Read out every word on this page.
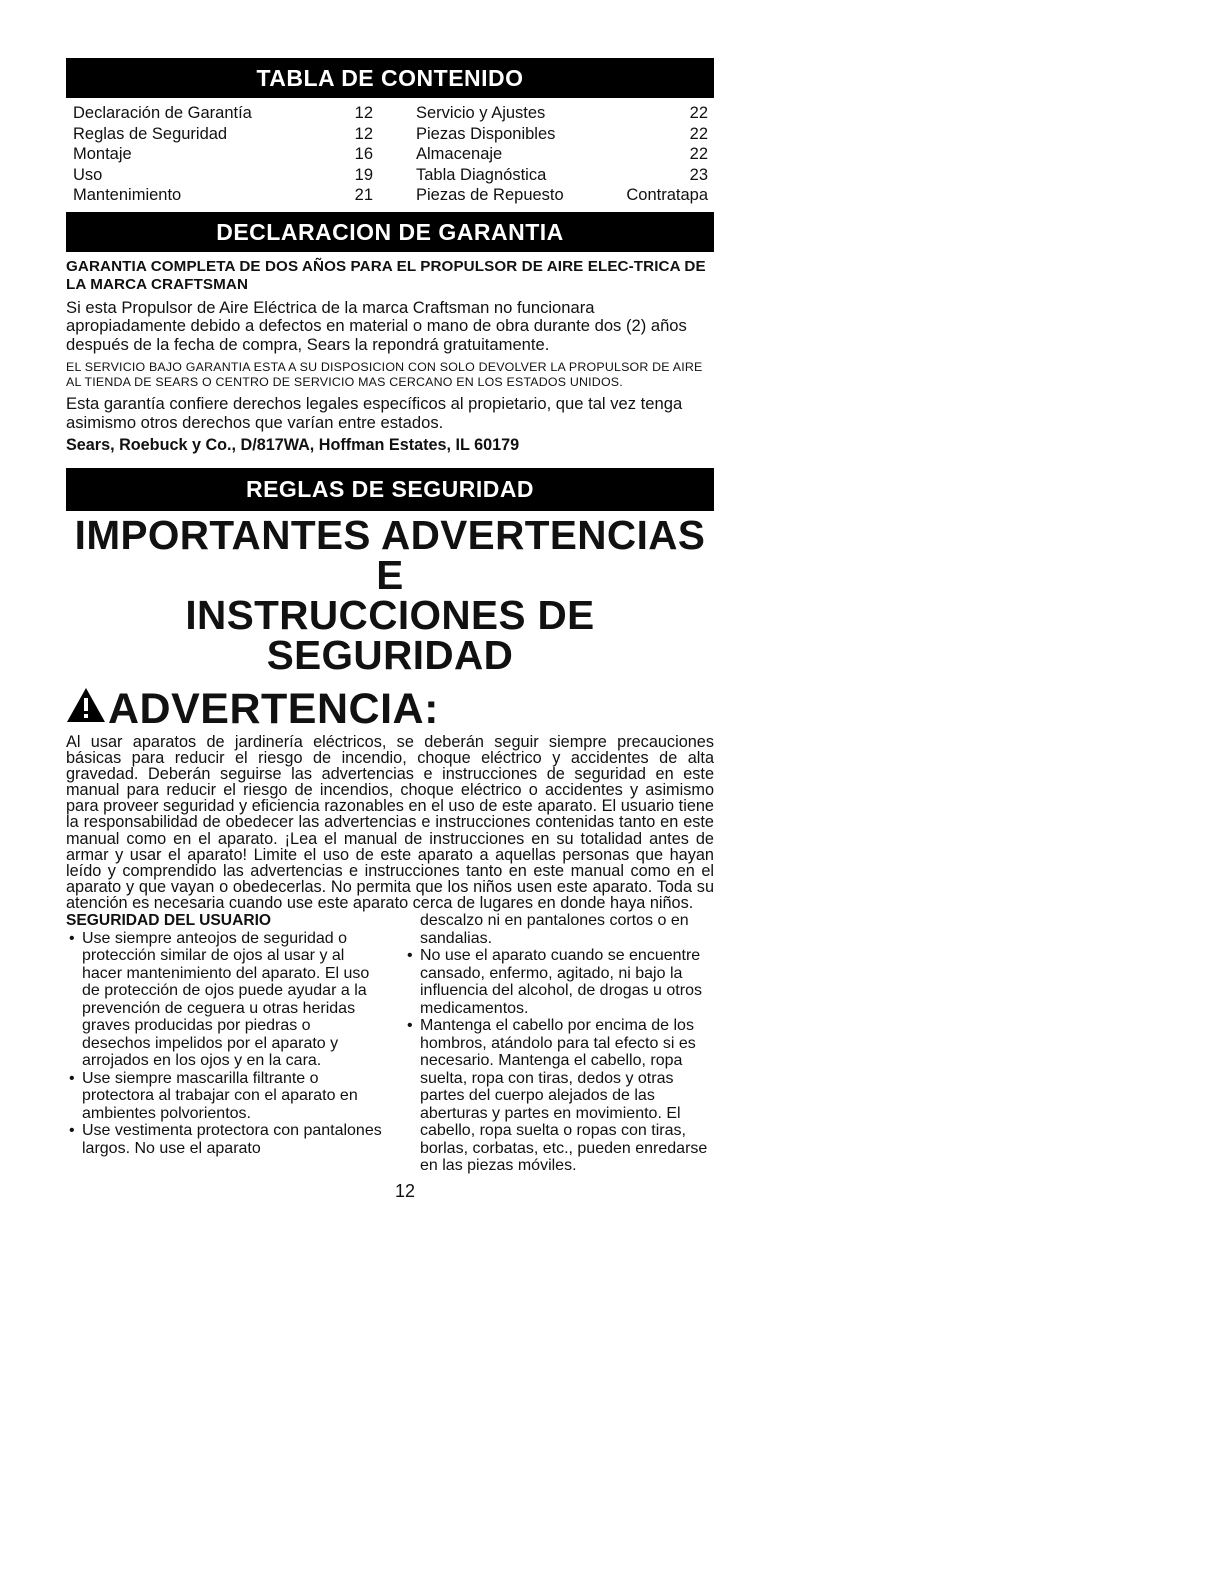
TABLA DE CONTENIDO
Declaración de Garantía	12
Reglas de Seguridad	12
Montaje	16
Uso	19
Mantenimiento	21
Servicio y Ajustes	22
Piezas Disponibles	22
Almacenaje	22
Tabla Diagnóstica	23
Piezas de Repuesto	Contratapa
DECLARACION DE GARANTIA
GARANTIA COMPLETA DE DOS AÑOS PARA EL PROPULSOR DE AIRE ELEC-TRICA DE LA MARCA CRAFTSMAN
Si esta Propulsor de Aire Eléctrica de la marca Craftsman no funcionara apropiadamente debido a defectos en material o mano de obra durante dos (2) años después de la fecha de compra, Sears la repondrá gratuitamente.
EL SERVICIO BAJO GARANTIA ESTA A SU DISPOSICION CON SOLO DEVOLVER LA PROPULSOR DE AIRE AL TIENDA DE SEARS O CENTRO DE SERVICIO MAS CERCANO EN LOS ESTADOS UNIDOS.
Esta garantía confiere derechos legales específicos al propietario, que tal vez tenga asimismo otros derechos que varían entre estados.
Sears, Roebuck y Co., D/817WA, Hoffman Estates, IL 60179
REGLAS DE SEGURIDAD
IMPORTANTES ADVERTENCIAS E
INSTRUCCIONES DE SEGURIDAD
ADVERTENCIA:
Al usar aparatos de jardinería eléctricos, se deberán seguir siempre precauciones básicas para reducir el riesgo de incendio, choque eléctrico y accidentes de alta gravedad. Deberán seguirse las advertencias e instrucciones de seguridad en este manual para reducir el riesgo de incendios, choque eléctrico o accidentes y asimismo para proveer seguridad y eficiencia razonables en el uso de este aparato. El usuario tiene la responsabilidad de obedecer las advertencias e instrucciones contenidas tanto en este manual como en el aparato. ¡Lea el manual de instrucciones en su totalidad antes de armar y usar el aparato! Limite el uso de este aparato a aquellas personas que hayan leído y comprendido las advertencias e instrucciones tanto en este manual como en el aparato y que vayan o obedecerlas. No permita que los niños usen este aparato. Toda su atención es necesaria cuando use este aparato cerca de lugares en donde haya niños.
SEGURIDAD DEL USUARIO
• Use siempre anteojos de seguridad o protección similar de ojos al usar y al hacer mantenimiento del aparato. El uso de protección de ojos puede ayudar a la prevención de ceguera u otras heridas graves producidas por piedras o desechos impelidos por el aparato y arrojados en los ojos y en la cara.
• Use siempre mascarilla filtrante o protectora al trabajar con el aparato en ambientes polvorientos.
• Use vestimenta protectora con pantalones largos. No use el aparato
descalzo ni en pantalones cortos o en sandalias.
• No use el aparato cuando se encuentre cansado, enfermo, agitado, ni bajo la influencia del alcohol, de drogas u otros medicamentos.
• Mantenga el cabello por encima de los hombros, atándolo para tal efecto si es necesario. Mantenga el cabello, ropa suelta, ropa con tiras, dedos y otras partes del cuerpo alejados de las aberturas y partes en movimiento. El cabello, ropa suelta o ropas con tiras, borlas, corbatas, etc., pueden enredarse en las piezas móviles.
12
